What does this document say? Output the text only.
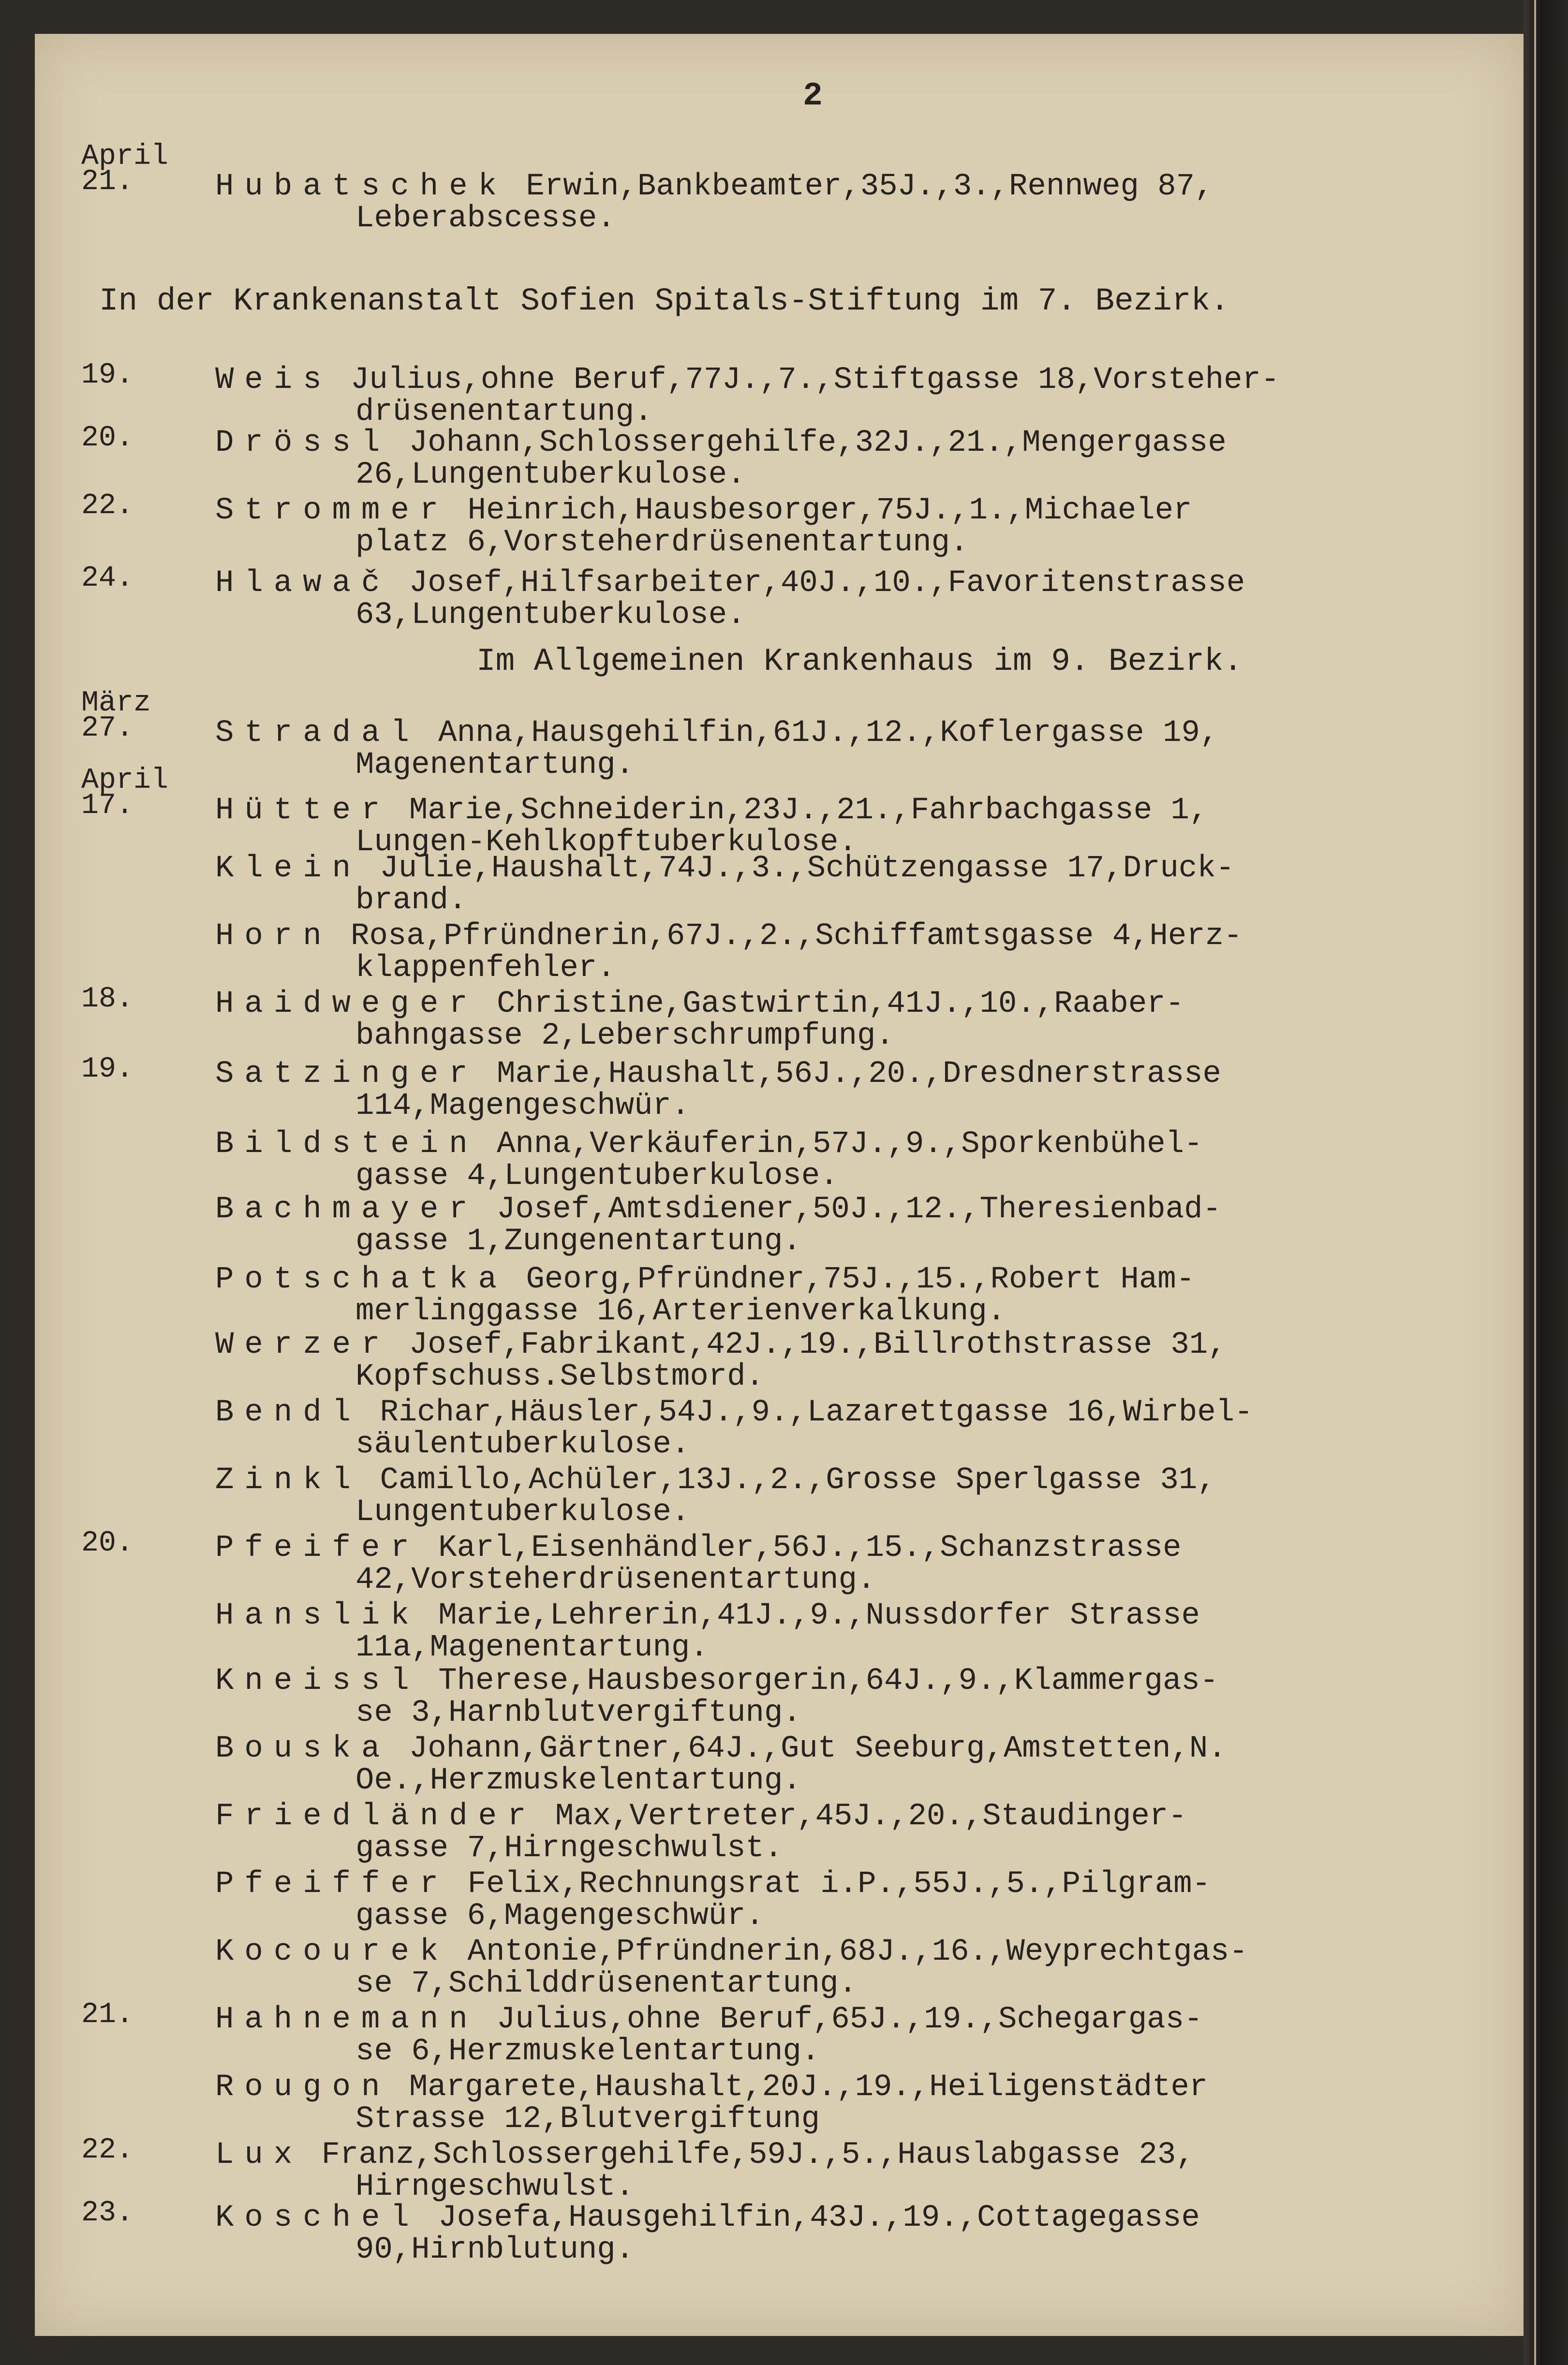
2
April
21.	Hubatschek Erwin,Bankbeamter,35J.,3.,Rennweg 87,
Leberabscesse.
19.	Weis Julius,ohne Beruf,77J.,7.,Stiftgasse 18,Vorsteher-
drüsenentartung.
20.	Drössl Johann,Schlossergehilfe,32J.,21.,Mengergasse
26,Lungentuberkulose.
22.	Strommer Heinrich,Hausbesorger,75J.,1.,Michaeler
platz 6,Vorsteherdrüsenentartung.
24.	Hlawač Josef,Hilfsarbeiter,40J.,10.,Favoritenstrasse
63,Lungentuberkulose.
März
27.	Stradal Anna,Hausgehilfin,61J.,12.,Koflergasse 19,
Magenentartung.
April
17.	Hütter Marie,Schneiderin,23J.,21.,Fahrbachgasse 1,
Lungen-Kehlkopftuberkulose.
Klein Julie,Haushalt,74J.,3.,Schützengasse 17,Druck-
brand.
Horn Rosa,Pfründnerin,67J.,2.,Schiffamtsgasse 4,Herz-
klappenfehler.
18.	Haidweger Christine,Gastwirtin,41J.,10.,Raaber-
bahngasse 2,Leberschrumpfung.
19.	Satzinger Marie,Haushalt,56J.,20.,Dresdnerstrasse
114,Magengeschwür.
Bildstein Anna,Verkäuferin,57J.,9.,Sporkenbühel-
gasse 4,Lungentuberkulose.
Bachmayer Josef,Amtsdiener,50J.,12.,Theresienbad-
gasse 1,Zungenentartung.
Potschatka Georg,Pfründner,75J.,15.,Robert Ham-
merlinggasse 16,Arterienverkalkung.
Werzer Josef,Fabrikant,42J.,19.,Billrothstrasse 31,
Kopfschuss.Selbstmord.
Bendl Richar,Häusler,54J.,9.,Lazarettgasse 16,Wirbel-
säulentuberkulose.
Zinkl Camillo,Achüler,13J.,2.,Grosse Sperlgasse 31,
Lungentuberkulose.
20.	Pfeifer Karl,Eisenhändler,56J.,15.,Schanzstrasse
42,Vorsteherdrüsenentartung.
Hanslik Marie,Lehrerin,41J.,9.,Nussdorfer Strasse
11a,Magenentartung.
Kneissl Therese,Hausbesorgerin,64J.,9.,Klammergas-
se 3,Harnblutvergiftung.
Bouska Johann,Gärtner,64J.,Gut Seeburg,Amstetten,N.
Oe.,Herzmuskelentartung.
Friedländer Max,Vertreter,45J.,20.,Staudinger-
gasse 7,Hirngeschwulst.
Pfeiffer Felix,Rechnungsrat i.P.,55J.,5.,Pilgram-
gasse 6,Magengeschwür.
Kocourek Antonie,Pfründnerin,68J.,16.,Weyprechtgas-
se 7,Schilddrüsenentartung.
21.	Hahnemann Julius,ohne Beruf,65J.,19.,Schegargas-
se 6,Herzmuskelentartung.
Rougon Margarete,Haushalt,20J.,19.,Heiligenstädter
Strasse 12,Blutvergiftung
22.	Lux Franz,Schlossergehilfe,59J.,5.,Hauslabgasse 23,
Hirngeschwulst.
23.	Koschel Josefa,Hausgehilfin,43J.,19.,Cottagegasse
90,Hirnblutung.
In der Krankenanstalt Sofien Spitals-Stiftung im 7. Bezirk.
Im Allgemeinen Krankenhaus im 9. Bezirk.
